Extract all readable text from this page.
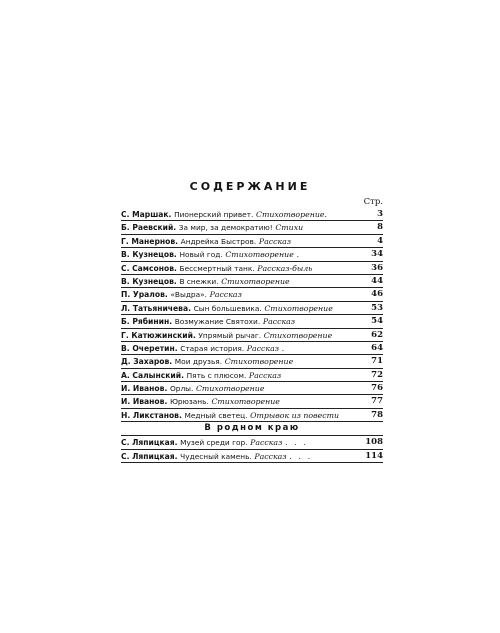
СОДЕРЖАНИЕ
Стр.
С. Маршак. Пионерский привет. Стихотворение.	3
Б. Раевский. За мир, за демократию! Стихи	8
Г. Манернов. Андрейка Быстров. Рассказ	4
В. Кузнецов. Новый год. Стихотворение .	34
С. Самсонов. Бессмертный танк. Рассказ-быль	36
В. Кузнецов. В снежки. Стихотворение	44
П. Уралов. «Выдра». Рассказ	46
Л. Татьяничева. Сын большевика. Стихотворение	53
Б. Рябинин. Возмужание Святохи. Рассказ	54
Г. Катюжинский. Упрямый рычаг. Стихотворение	62
В. Очеретин. Старая история. Рассказ .	64
Д. Захаров. Мои друзья. Стихотворение	71
А. Салынский. Пять с плюсом. Рассказ	72
И. Иванов. Орлы. Стихотворение	76
И. Иванов. Юрюзань. Стихотворение	77
Н. Ликстанов. Медный светец. Отрывок из повести	78
В родном краю
С. Ляпицкая. Музей среди гор. Рассказ . . .	108
С. Ляпицкая. Чудесный камень. Рассказ . . .	114
